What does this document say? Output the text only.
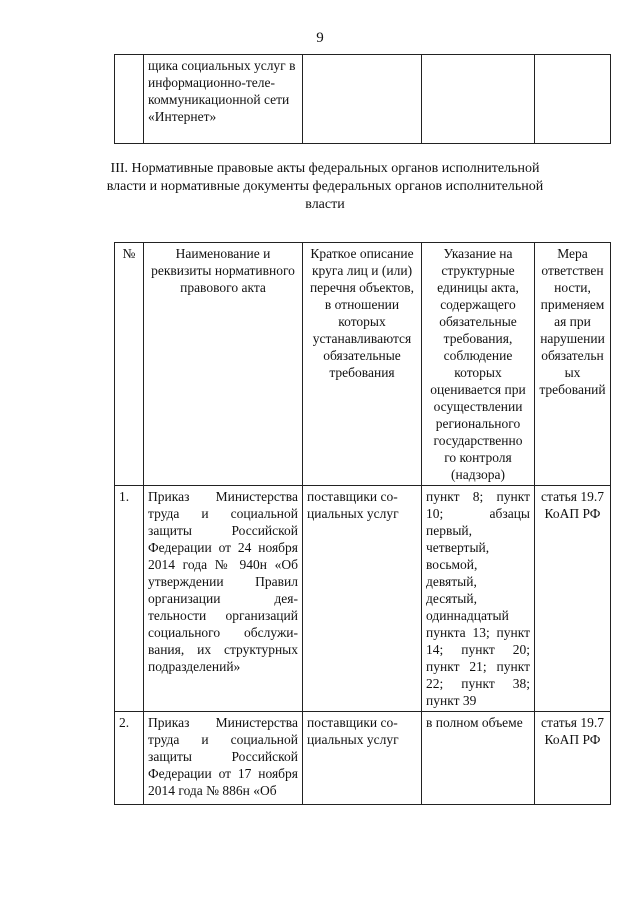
9
	щика социальных услуг в информационно-теле-коммуникационной сети «Интернет»			
III. Нормативные правовые акты федеральных органов исполнительной власти и нормативные документы федеральных органов исполнительной власти
№	Наименование и реквизиты нормативного правового акта	Краткое описание круга лиц и (или) перечня объектов, в отношении которых устанавливаются обязательные требования	Указание на структурные единицы акта, содержащего обязательные требования, соблюдение которых оценивается при осуществлении регионального государственно го контроля (надзора)	Мера ответствен ности, применяем ая при нарушении обязательн ых требований
1.	Приказ Министерства труда и социальной защиты Российской Федерации от 24 ноября 2014 года № 940н «Об утверждении Правил организации дея-тельности организаций социального обслужи-вания, их структурных подразделений»	поставщики со-циальных услуг	пункт 8; пункт 10; абзацы первый, четвертый, восьмой, девятый, десятый, одиннадцатый пункта 13; пункт 14; пункт 20; пункт 21; пункт 22; пункт 38; пункт 39	статья 19.7 КоАП РФ
2.	Приказ Министерства труда и социальной защиты Российской Федерации от 17 ноября 2014 года № 886н «Об	поставщики со-циальных услуг	в полном объеме	статья 19.7 КоАП РФ
